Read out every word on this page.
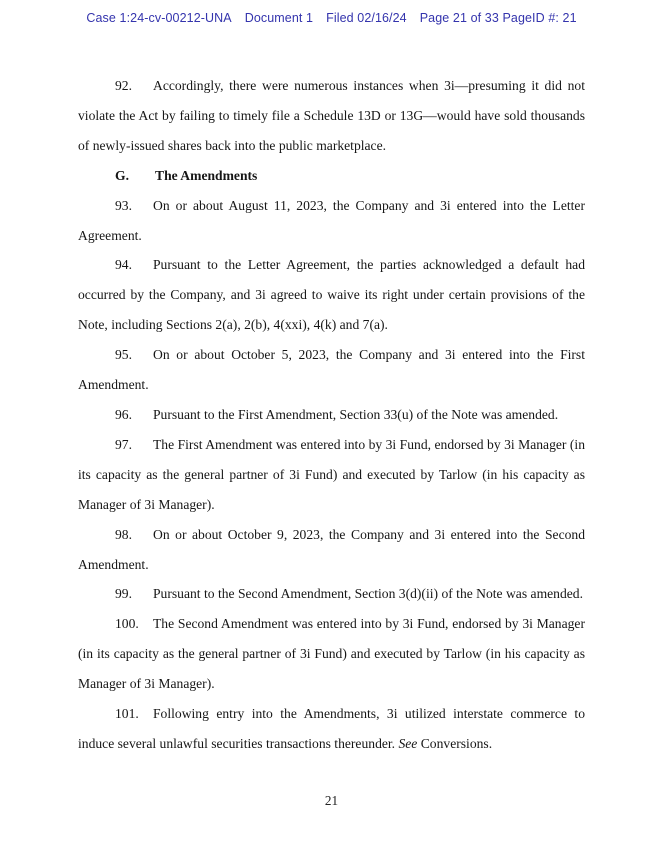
Case 1:24-cv-00212-UNA Document 1 Filed 02/16/24 Page 21 of 33 PageID #: 21

92. Accordingly, there were numerous instances when 3i—presuming it did not violate the Act by failing to timely file a Schedule 13D or 13G—would have sold thousands of newly-issued shares back into the public marketplace.

G. The Amendments

93. On or about August 11, 2023, the Company and 3i entered into the Letter Agreement.

94. Pursuant to the Letter Agreement, the parties acknowledged a default had occurred by the Company, and 3i agreed to waive its right under certain provisions of the Note, including Sections 2(a), 2(b), 4(xxi), 4(k) and 7(a).

95. On or about October 5, 2023, the Company and 3i entered into the First Amendment.

96. Pursuant to the First Amendment, Section 33(u) of the Note was amended.

97. The First Amendment was entered into by 3i Fund, endorsed by 3i Manager (in its capacity as the general partner of 3i Fund) and executed by Tarlow (in his capacity as Manager of 3i Manager).

98. On or about October 9, 2023, the Company and 3i entered into the Second Amendment.

99. Pursuant to the Second Amendment, Section 3(d)(ii) of the Note was amended.

100. The Second Amendment was entered into by 3i Fund, endorsed by 3i Manager (in its capacity as the general partner of 3i Fund) and executed by Tarlow (in his capacity as Manager of 3i Manager).

101. Following entry into the Amendments, 3i utilized interstate commerce to induce several unlawful securities transactions thereunder. See Conversions.

21
